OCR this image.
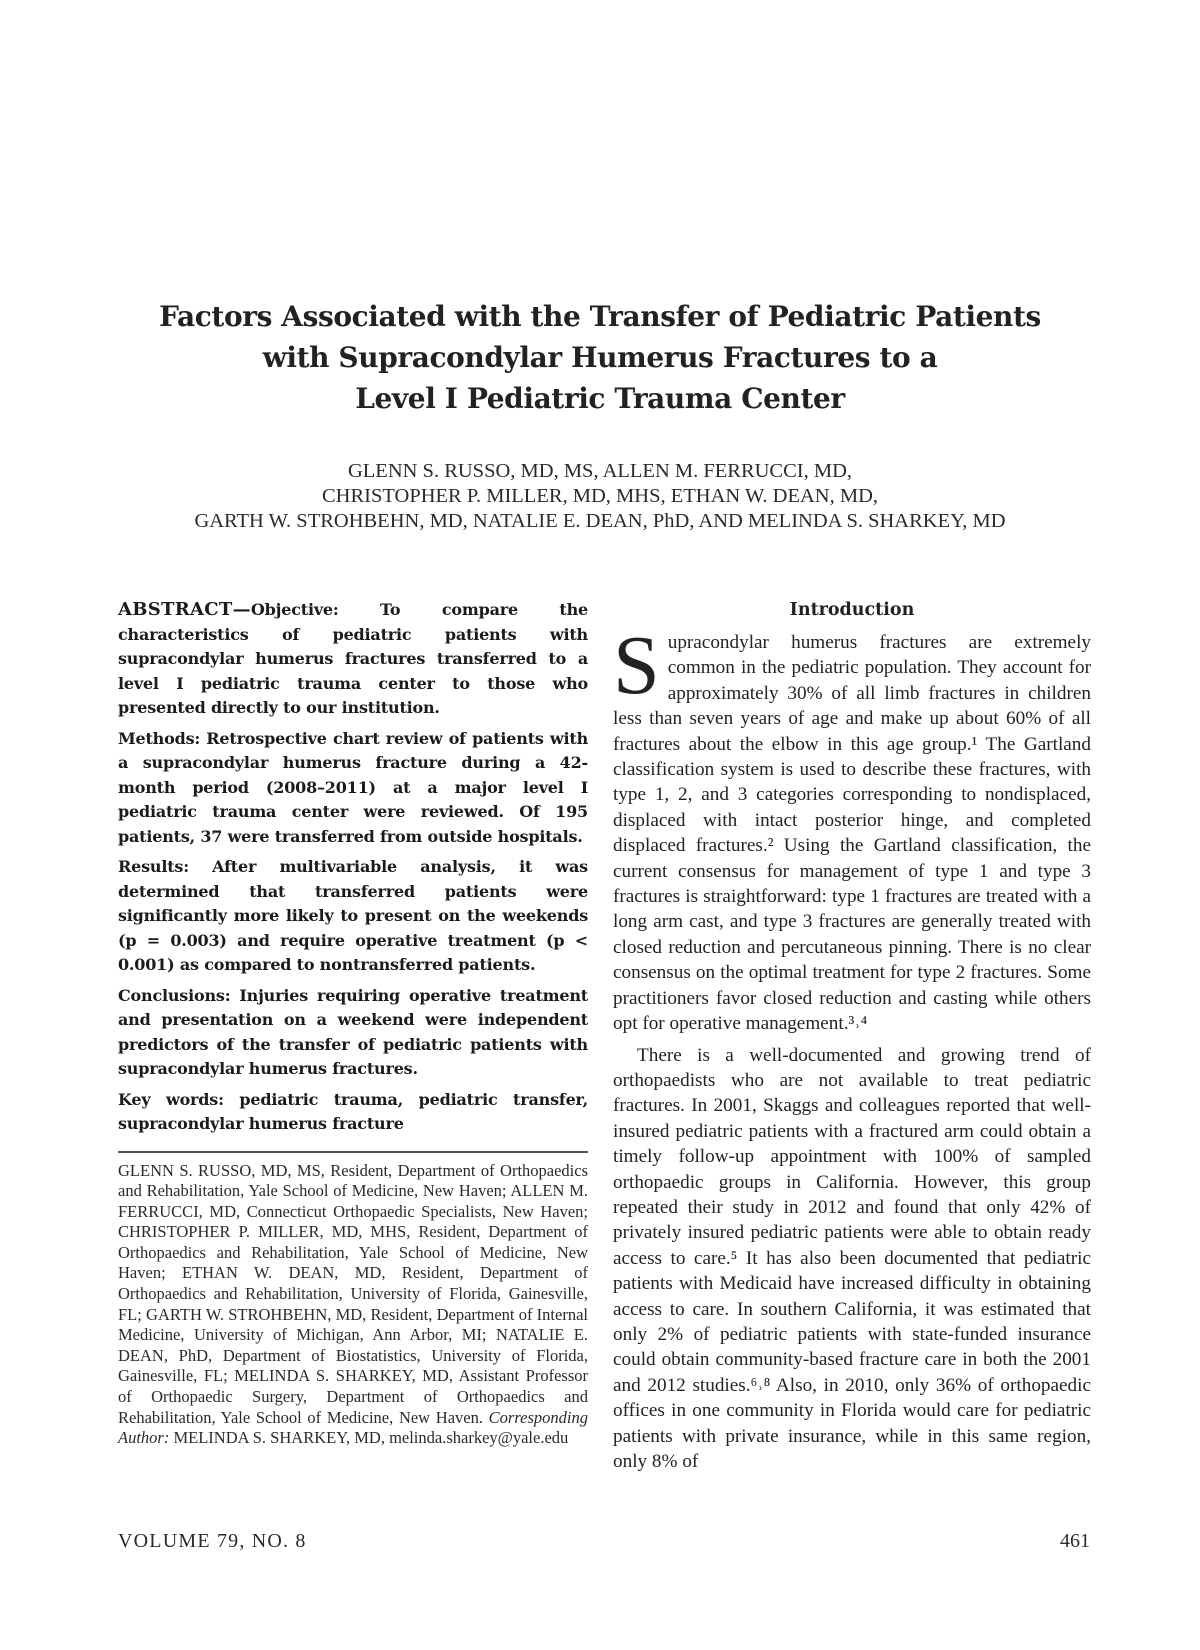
Factors Associated with the Transfer of Pediatric Patients
with Supracondylar Humerus Fractures to a
Level I Pediatric Trauma Center
GLENN S. RUSSO, MD, MS, ALLEN M. FERRUCCI, MD,
CHRISTOPHER P. MILLER, MD, MHS, ETHAN W. DEAN, MD,
GARTH W. STROHBEHN, MD, NATALIE E. DEAN, PhD, AND MELINDA S. SHARKEY, MD

ABSTRACT—Objective: To compare the characteristics of pediatric patients with supracondylar humerus fractures transferred to a level I pediatric trauma center to those who presented directly to our institution.

Methods: Retrospective chart review of patients with a supracondylar humerus fracture during a 42-month period (2008–2011) at a major level I pediatric trauma center were reviewed. Of 195 patients, 37 were transferred from outside hospitals.

Results: After multivariable analysis, it was determined that transferred patients were significantly more likely to present on the weekends (p = 0.003) and require operative treatment (p < 0.001) as compared to nontransferred patients.

Conclusions: Injuries requiring operative treatment and presentation on a weekend were independent predictors of the transfer of pediatric patients with supracondylar humerus fractures.

Key words: pediatric trauma, pediatric transfer, supracondylar humerus fracture

GLENN S. RUSSO, MD, MS, Resident, Department of Orthopaedics and Rehabilitation, Yale School of Medicine, New Haven; ALLEN M. FERRUCCI, MD, Connecticut Orthopaedic Specialists, New Haven; CHRISTOPHER P. MILLER, MD, MHS, Resident, Department of Orthopaedics and Rehabilitation, Yale School of Medicine, New Haven; ETHAN W. DEAN, MD, Resident, Department of Orthopaedics and Rehabilitation, University of Florida, Gainesville, FL; GARTH W. STROHBEHN, MD, Resident, Department of Internal Medicine, University of Michigan, Ann Arbor, MI; NATALIE E. DEAN, PhD, Department of Biostatistics, University of Florida, Gainesville, FL; MELINDA S. SHARKEY, MD, Assistant Professor of Orthopaedic Surgery, Department of Orthopaedics and Rehabilitation, Yale School of Medicine, New Haven. Corresponding Author: MELINDA S. SHARKEY, MD, melinda.sharkey@yale.edu

Introduction

Supracondylar humerus fractures are extremely common in the pediatric population. They account for approximately 30% of all limb fractures in children less than seven years of age and make up about 60% of all fractures about the elbow in this age group.¹ The Gartland classification system is used to describe these fractures, with type 1, 2, and 3 categories corresponding to nondisplaced, displaced with intact posterior hinge, and completed displaced fractures.² Using the Gartland classification, the current consensus for management of type 1 and type 3 fractures is straightforward: type 1 fractures are treated with a long arm cast, and type 3 fractures are generally treated with closed reduction and percutaneous pinning. There is no clear consensus on the optimal treatment for type 2 fractures. Some practitioners favor closed reduction and casting while others opt for operative management.³˒⁴

There is a well-documented and growing trend of orthopaedists who are not available to treat pediatric fractures. In 2001, Skaggs and colleagues reported that well-insured pediatric patients with a fractured arm could obtain a timely follow-up appointment with 100% of sampled orthopaedic groups in California. However, this group repeated their study in 2012 and found that only 42% of privately insured pediatric patients were able to obtain ready access to care.⁵ It has also been documented that pediatric patients with Medicaid have increased difficulty in obtaining access to care. In southern California, it was estimated that only 2% of pediatric patients with state-funded insurance could obtain community-based fracture care in both the 2001 and 2012 studies.⁶˒⁸ Also, in 2010, only 36% of orthopaedic offices in one community in Florida would care for pediatric patients with private insurance, while in this same region, only 8% of

VOLUME 79, NO. 8	461
